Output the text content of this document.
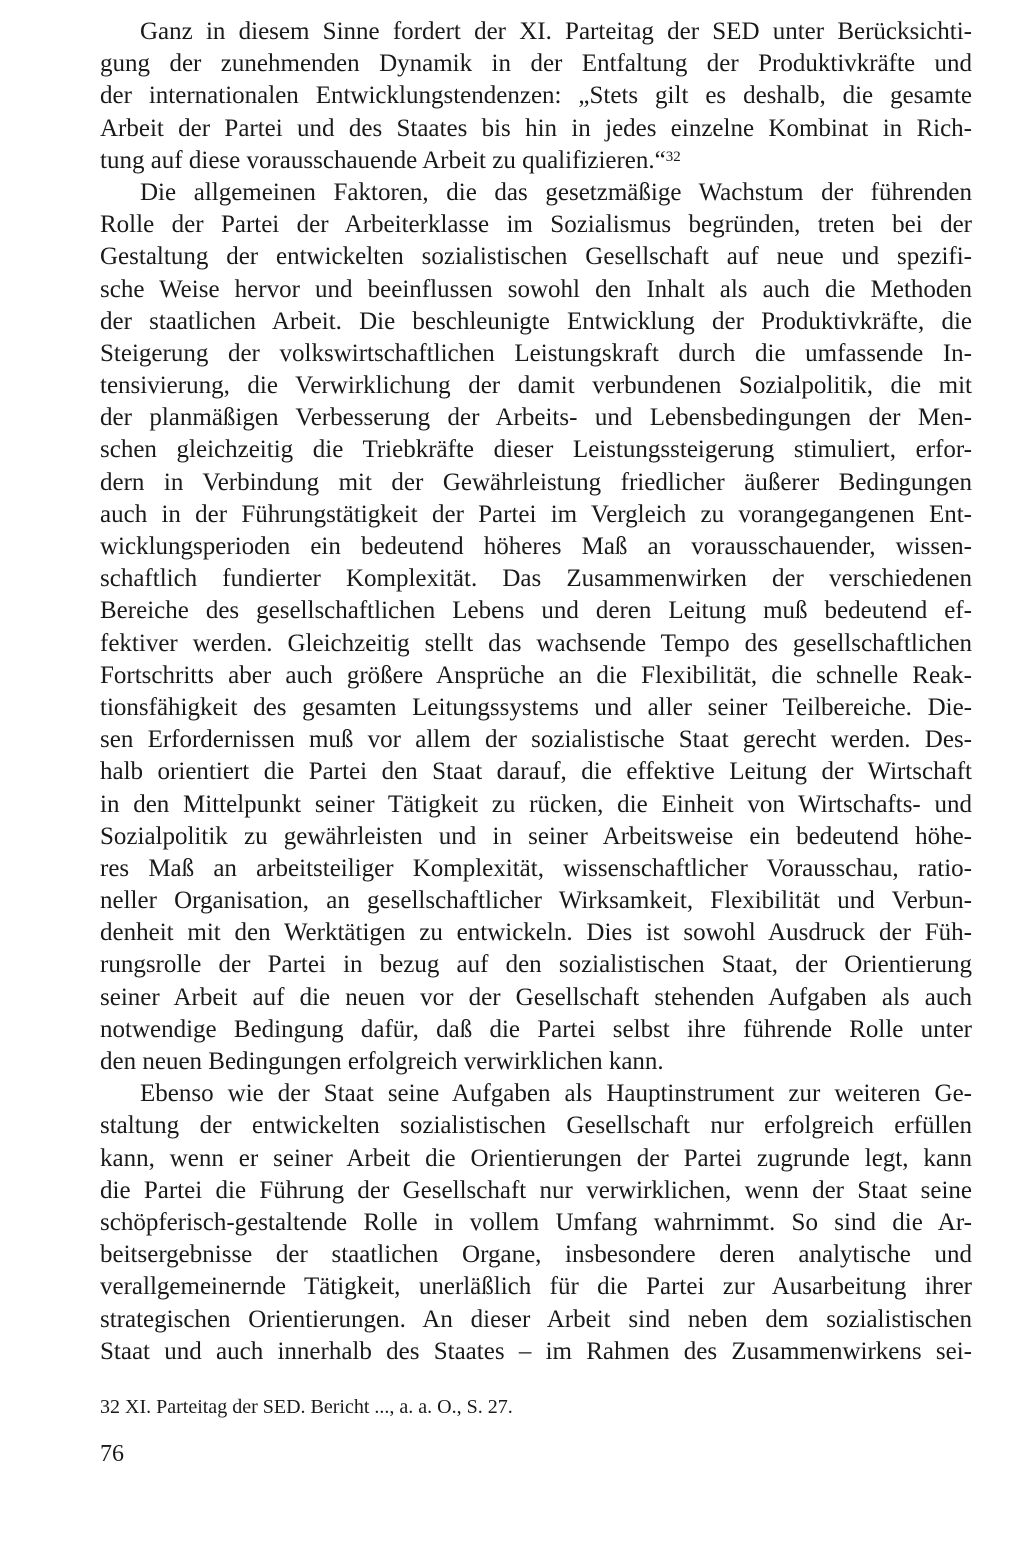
Ganz in diesem Sinne fordert der XI. Parteitag der SED unter Berücksichti-
gung der zunehmenden Dynamik in der Entfaltung der Produktivkräfte und
der internationalen Entwicklungstendenzen: „Stets gilt es deshalb, die gesamte
Arbeit der Partei und des Staates bis hin in jedes einzelne Kombinat in Rich-
tung auf diese vorausschauende Arbeit zu qualifizieren.“$^{32}$
Die allgemeinen Faktoren, die das gesetzmäßige Wachstum der führenden
Rolle der Partei der Arbeiterklasse im Sozialismus begründen, treten bei der
Gestaltung der entwickelten sozialistischen Gesellschaft auf neue und spezifi-
sche Weise hervor und beeinflussen sowohl den Inhalt als auch die Methoden
der staatlichen Arbeit. Die beschleunigte Entwicklung der Produktivkräfte, die
Steigerung der volkswirtschaftlichen Leistungskraft durch die umfassende In-
tensivierung, die Verwirklichung der damit verbundenen Sozialpolitik, die mit
der planmäßigen Verbesserung der Arbeits- und Lebensbedingungen der Men-
schen gleichzeitig die Triebkräfte dieser Leistungssteigerung stimuliert, erfor-
dern in Verbindung mit der Gewährleistung friedlicher äußerer Bedingungen
auch in der Führungstätigkeit der Partei im Vergleich zu vorangegangenen Ent-
wicklungsperioden ein bedeutend höheres Maß an vorausschauender, wissen-
schaftlich fundierter Komplexität. Das Zusammenwirken der verschiedenen
Bereiche des gesellschaftlichen Lebens und deren Leitung muß bedeutend ef-
fektiver werden. Gleichzeitig stellt das wachsende Tempo des gesellschaftlichen
Fortschritts aber auch größere Ansprüche an die Flexibilität, die schnelle Reak-
tionsfähigkeit des gesamten Leitungssystems und aller seiner Teilbereiche. Die-
sen Erfordernissen muß vor allem der sozialistische Staat gerecht werden. Des-
halb orientiert die Partei den Staat darauf, die effektive Leitung der Wirtschaft
in den Mittelpunkt seiner Tätigkeit zu rücken, die Einheit von Wirtschafts- und
Sozialpolitik zu gewährleisten und in seiner Arbeitsweise ein bedeutend höhe-
res Maß an arbeitsteiliger Komplexität, wissenschaftlicher Vorausschau, ratio-
neller Organisation, an gesellschaftlicher Wirksamkeit, Flexibilität und Verbun-
denheit mit den Werktätigen zu entwickeln. Dies ist sowohl Ausdruck der Füh-
rungsrolle der Partei in bezug auf den sozialistischen Staat, der Orientierung
seiner Arbeit auf die neuen vor der Gesellschaft stehenden Aufgaben als auch
notwendige Bedingung dafür, daß die Partei selbst ihre führende Rolle unter
den neuen Bedingungen erfolgreich verwirklichen kann.
Ebenso wie der Staat seine Aufgaben als Hauptinstrument zur weiteren Ge-
staltung der entwickelten sozialistischen Gesellschaft nur erfolgreich erfüllen
kann, wenn er seiner Arbeit die Orientierungen der Partei zugrunde legt, kann
die Partei die Führung der Gesellschaft nur verwirklichen, wenn der Staat seine
schöpferisch-gestaltende Rolle in vollem Umfang wahrnimmt. So sind die Ar-
beitsergebnisse der staatlichen Organe, insbesondere deren analytische und
verallgemeinernde Tätigkeit, unerläßlich für die Partei zur Ausarbeitung ihrer
strategischen Orientierungen. An dieser Arbeit sind neben dem sozialistischen
Staat und auch innerhalb des Staates – im Rahmen des Zusammenwirkens sei-
32 XI. Parteitag der SED. Bericht ..., a. a. O., S. 27.
76
